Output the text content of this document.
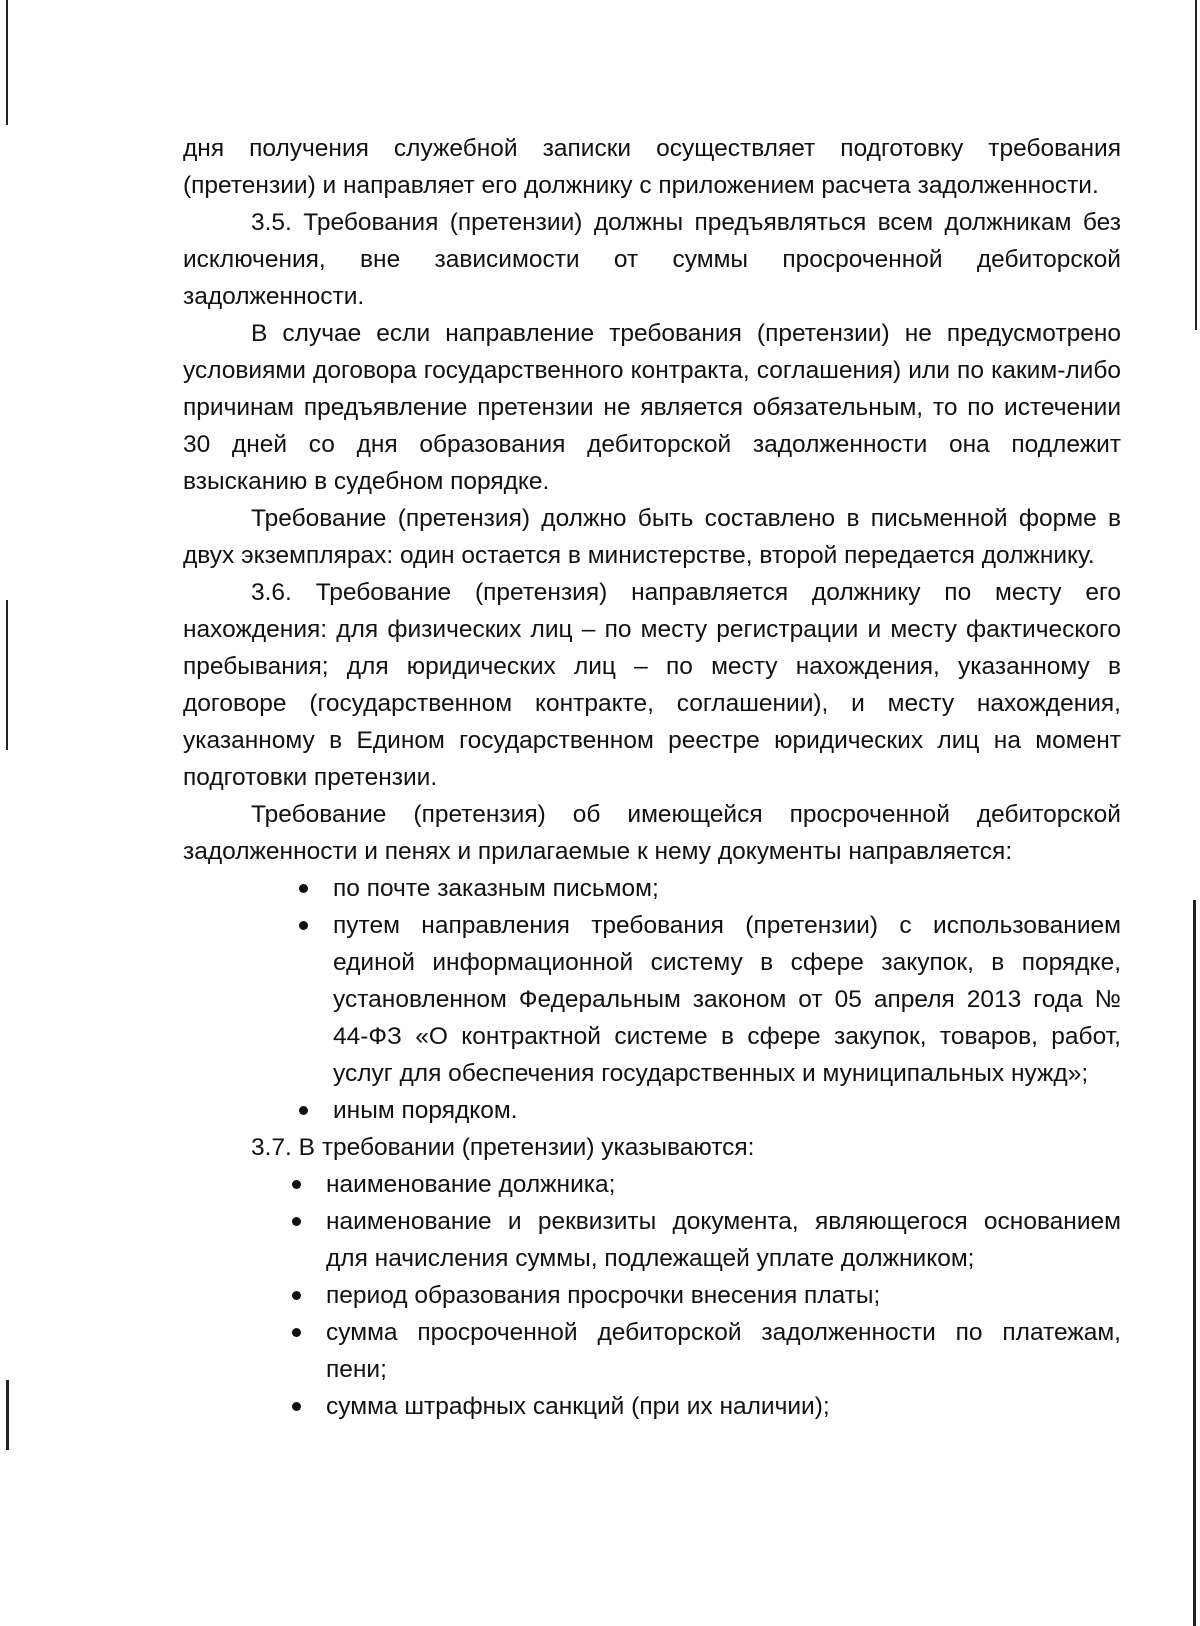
дня получения служебной записки осуществляет подготовку требования (претензии) и направляет его должнику с приложением расчета задолженности.

3.5. Требования (претензии) должны предъявляться всем должникам без исключения, вне зависимости от суммы просроченной дебиторской задолженности.

В случае если направление требования (претензии) не предусмотрено условиями договора государственного контракта, соглашения) или по каким-либо причинам предъявление претензии не является обязательным, то по истечении 30 дней со дня образования дебиторской задолженности она подлежит взысканию в судебном порядке.

Требование (претензия) должно быть составлено в письменной форме в двух экземплярах: один остается в министерстве, второй передается должнику.

3.6. Требование (претензия) направляется должнику по месту его нахождения: для физических лиц – по месту регистрации и месту фактического пребывания; для юридических лиц – по месту нахождения, указанному в договоре (государственном контракте, соглашении), и месту нахождения, указанному в Едином государственном реестре юридических лиц на момент подготовки претензии.

Требование (претензия) об имеющейся просроченной дебиторской задолженности и пенях и прилагаемые к нему документы направляется:

по почте заказным письмом;
путем направления требования (претензии) с использованием единой информационной систему в сфере закупок, в порядке, установленном Федеральным законом от 05 апреля 2013 года № 44-ФЗ «О контрактной системе в сфере закупок, товаров, работ, услуг для обеспечения государственных и муниципальных нужд»;
иным порядком.

3.7. В требовании (претензии) указываются:

наименование должника;
наименование и реквизиты документа, являющегося основанием для начисления суммы, подлежащей уплате должником;
период образования просрочки внесения платы;
сумма просроченной дебиторской задолженности по платежам, пени;
сумма штрафных санкций (при их наличии);
